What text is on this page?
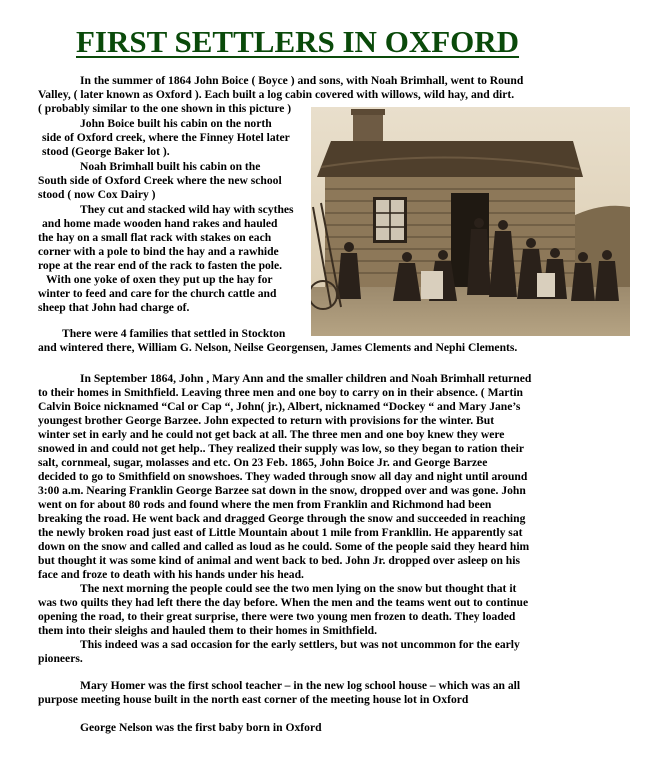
FIRST SETTLERS IN OXFORD

In the summer of 1864 John Boice ( Boyce ) and sons, with Noah Brimhall, went to Round

Valley, ( later known as Oxford ). Each built a log cabin covered with willows, wild hay, and dirt.

( probably similar to the one shown in this picture )

John Boice built his cabin on the north

side of Oxford creek, where the Finney Hotel later

stood (George Baker lot ).

Noah Brimhall built his cabin on the

South side of Oxford Creek where the new school

stood ( now Cox Dairy )

They cut and stacked wild hay with scythes

and home made wooden hand rakes and hauled

the hay on a small flat rack with stakes on each

corner with a pole to bind the hay and a rawhide

rope at the rear end of the rack to fasten the pole.

With one yoke of oxen they put up the hay for

winter to feed and care for the church cattle and

sheep that John had charge of.

There were 4 families that settled in Stockton

and wintered there, William G. Nelson, Neilse Georgensen, James Clements and Nephi Clements.

In September 1864, John , Mary Ann and the smaller children and Noah Brimhall returned

to their homes in Smithfield. Leaving three men and one boy to carry on in their absence. ( Martin

Calvin Boice nicknamed “Cal or Cap “, John( jr.), Albert, nicknamed “Dockey “ and Mary Jane’s

youngest brother George Barzee. John expected to return with provisions for the winter. But

winter set in early and he could not get back at all. The three men and one boy knew they were

snowed in and could not get help.. They realized their supply was low, so they began to ration their

salt, cornmeal, sugar, molasses and etc. On 23 Feb. 1865, John Boice Jr. and George Barzee

decided to go to Smithfield on snowshoes. They waded through snow all day and night until around

3:00 a.m. Nearing Franklin George Barzee sat down in the snow, dropped over and was gone. John

went on for about 80 rods and found where the men from Franklin and Richmond had been

breaking the road. He went back and dragged George through the snow and succeeded in reaching

the newly broken road just east of Little Mountain about 1 mile from Frankllin. He apparently sat

down on the snow and called and called as loud as he could. Some of the people said they heard him

but thought it was some kind of animal and went back to bed. John Jr. dropped over asleep on his

face and froze to death with his hands under his head.

The next morning the people could see the two men lying on the snow but thought that it

was two quilts they had left there the day before. When the men and the teams went out to continue

opening the road, to their great surprise, there were two young men frozen to death. They loaded

them into their sleighs and hauled them to their homes in Smithfield.

This indeed was a sad occasion for the early settlers, but was not uncommon for the early

pioneers.

Mary Homer was the first school teacher – in the new log school house – which was an all

purpose meeting house built in the north east corner of the meeting house lot in Oxford

George Nelson was the first baby born in Oxford
